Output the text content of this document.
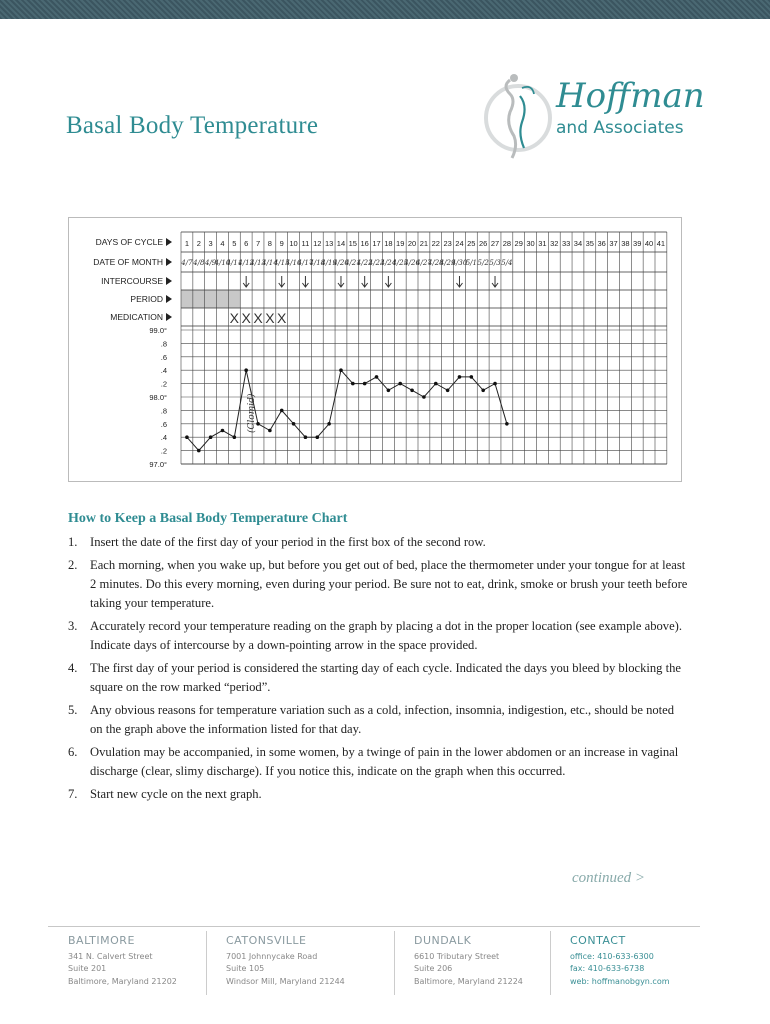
Basal Body Temperature
Hoffman
and Associates
DAYS OF CYCLE
DATE OF MONTH
INTERCOURSE
PERIOD
MEDICATION
99.0°
.8
.6
.4
.2
98.0°
.8
.6
.4
.2
97.0°
1 2 3 4 5 6 7 8 9 10 11 12 13 14 15 16 17 18 19 20 21 22 23 24 25 26 27 28 29 30 31 32 33 34 35 36 37 38 39 40 41
4/7 4/8 4/9
4/10
4/11
4/12
4/13
4/14
4/15
4/16
4/17
4/18
4/19
4/20
4/21
4/22
4/23
4/24
4/25
4/26
4/27
4/28
4/29
4/30
5/1 5/2 5/3 5/4
X X X X X
(Clomid)
How to Keep a Basal Body Temperature Chart
1. Insert the date of the first day of your period in the first box of the second row.
2. Each morning, when you wake up, but before you get out of bed, place the thermometer under your tongue for at least 2 minutes. Do this every morning, even during your period. Be sure not to eat, drink, smoke or brush your teeth before taking your temperature.
3. Accurately record your temperature reading on the graph by placing a dot in the proper location (see example above). Indicate days of intercourse by a down-pointing arrow in the space provided.
4. The first day of your period is considered the starting day of each cycle. Indicated the days you bleed by blocking the square on the row marked “period”.
5. Any obvious reasons for temperature variation such as a cold, infection, insomnia, indigestion, etc., should be noted on the graph above the information listed for that day.
6. Ovulation may be accompanied, in some women, by a twinge of pain in the lower abdomen or an increase in vaginal discharge (clear, slimy discharge). If you notice this, indicate on the graph when this occurred.
7. Start new cycle on the next graph.
continued >
BALTIMORE
341 N. Calvert Street
Suite 201
Baltimore, Maryland 21202
CATONSVILLE
7001 Johnnycake Road
Suite 105
Windsor Mill, Maryland 21244
DUNDALK
6610 Tributary Street
Suite 206
Baltimore, Maryland 21224
CONTACT
office: 410-633-6300
fax: 410-633-6738
web: hoffmanobgyn.com
